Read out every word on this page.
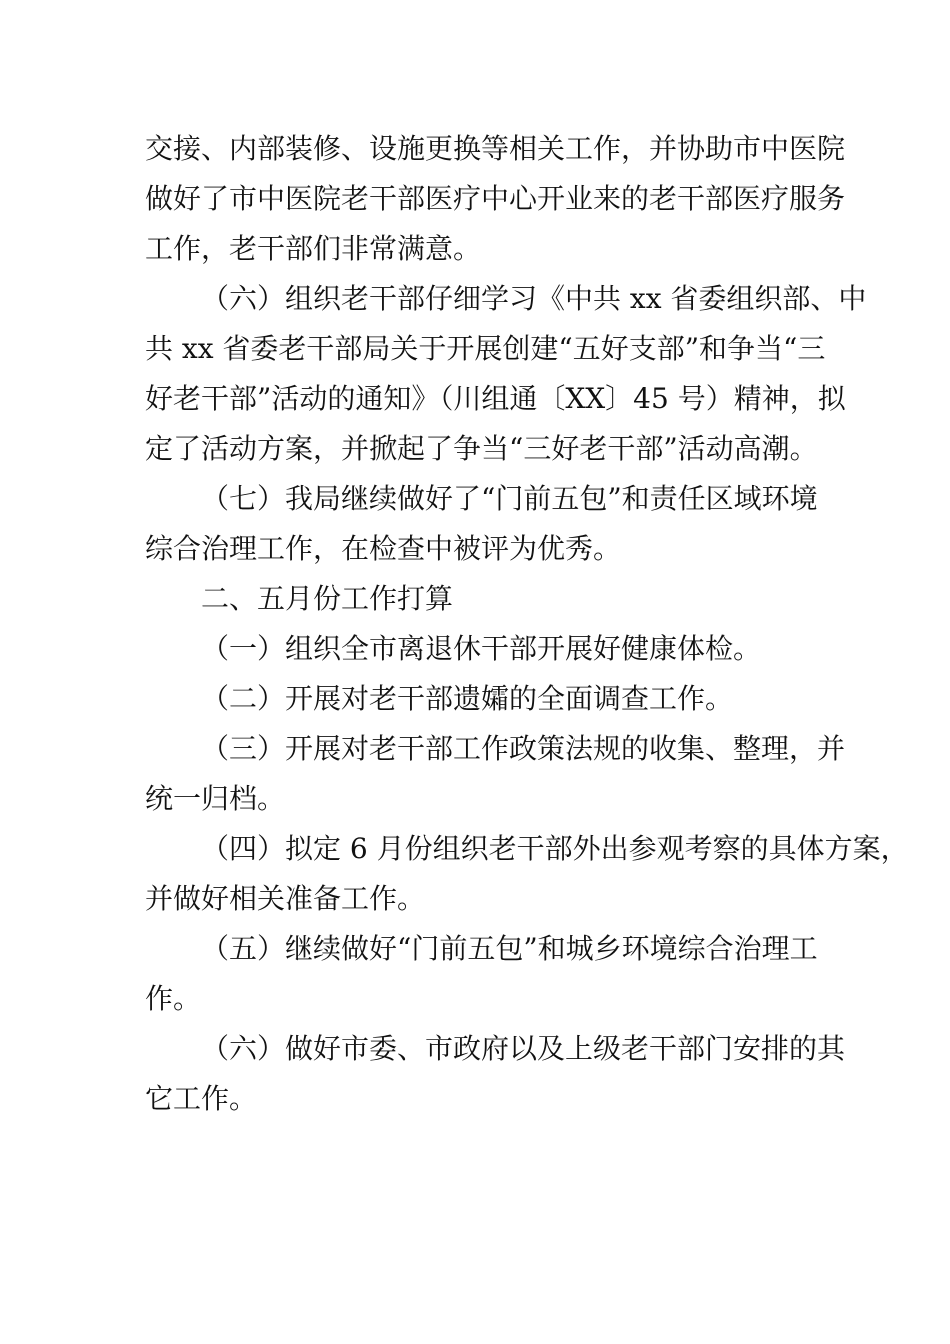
交接、内部装修、设施更换等相关工作，并协助市中医院
做好了市中医院老干部医疗中心开业来的老干部医疗服务
工作，老干部们非常满意。
（六）组织老干部仔细学习《中共 xx 省委组织部、中
共 xx 省委老干部局关于开展创建“五好支部”和争当“三
好老干部”活动的通知》（川组通〔XX〕45 号）精神，拟
定了活动方案，并掀起了争当“三好老干部”活动高潮。
（七）我局继续做好了“门前五包”和责任区域环境
综合治理工作，在检查中被评为优秀。
二、五月份工作打算
（一）组织全市离退休干部开展好健康体检。
（二）开展对老干部遗孀的全面调查工作。
（三）开展对老干部工作政策法规的收集、整理，并
统一归档。
（四）拟定 6 月份组织老干部外出参观考察的具体方案，
并做好相关准备工作。
（五）继续做好“门前五包”和城乡环境综合治理工
作。
（六）做好市委、市政府以及上级老干部门安排的其
它工作。
